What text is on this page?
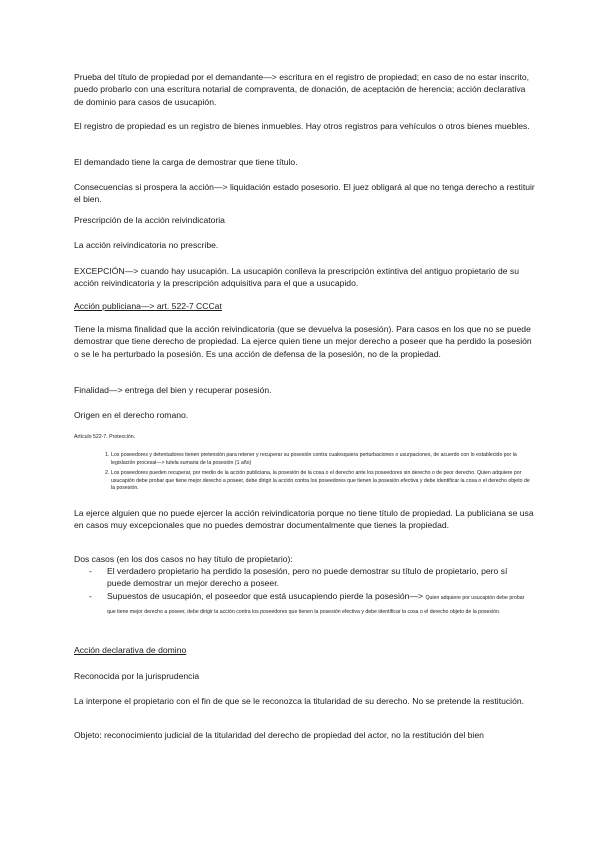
Prueba del título de propiedad por el demandante—> escritura en el registro de propiedad; en caso de no estar inscrito, puedo probarlo con una escritura notarial de compraventa, de donación, de aceptación de herencia; acción declarativa de dominio para casos de usucapión.

El registro de propiedad es un registro de bienes inmuebles. Hay otros registros para vehículos o otros bienes muebles.

El demandado tiene la carga de demostrar que tiene título.

Consecuencias si prospera la acción—> liquidación estado posesorio. El juez obligará al que no tenga derecho a restituir el bien.

Prescripción de la acción reivindicatoria

La acción reivindicatoria no prescribe.

EXCEPCIÓN—> cuando hay usucapión. La usucapión conlleva la prescripción extintiva del antiguo propietario de su acción reivindicatoria y la prescripción adquisitiva para el que a usucapido.

Acción publiciana—> art. 522-7 CCCat

Tiene la misma finalidad que la acción reivindicatoria (que se devuelva la posesión). Para casos en los que no se puede demostrar que tiene derecho de propiedad. La ejerce quien tiene un mejor derecho a poseer que ha perdido la posesión o se le ha perturbado la posesión. Es una acción de defensa de la posesión, no de la propiedad.

Finalidad—> entrega del bien y recuperar posesión.

Origen en el derecho romano.

Artículo 522-7. Protección.

1. Los poseedores y detentadores tienen pretensión para retener y recuperar su posesión contra cualesquiera perturbaciones o usurpaciones, de acuerdo con lo establecido por la legislación procesal—> tutela sumaria de la posesión (1 año)

2. Los poseedores pueden recuperar, por medio de la acción publiciana, la posesión de la cosa o el derecho ante los poseedores sin derecho o de peor derecho. Quien adquiere por usucapión debe probar que tiene mejor derecho a poseer, debe dirigir la acción contra los poseedores que tienen la posesión efectiva y debe identificar la cosa o el derecho objeto de la posesión.

La ejerce alguien que no puede ejercer la acción reivindicatoria porque no tiene título de propiedad. La publiciana se usa en casos muy excepcionales que no puedes demostrar documentalmente que tienes la propiedad.

Dos casos (en los dos casos no hay título de propietario):

- El verdadero propietario ha perdido la posesión, pero no puede demostrar su título de propietario, pero sí puede demostrar un mejor derecho a poseer.

- Supuestos de usucapión, el poseedor que está usucapiendo pierde la posesión—> Quien adquiere por usucapión debe probar que tiene mejor derecho a poseer, debe dirigir la acción contra los poseedores que tienen la posesión efectiva y debe identificar la cosa o el derecho objeto de la posesión.

Acción declarativa de domino

Reconocida por la jurisprudencia

La interpone el propietario con el fin de que se le reconozca la titularidad de su derecho. No se pretende la restitución.

Objeto: reconocimiento judicial de la titularidad del derecho de propiedad del actor, no la restitución del bien
